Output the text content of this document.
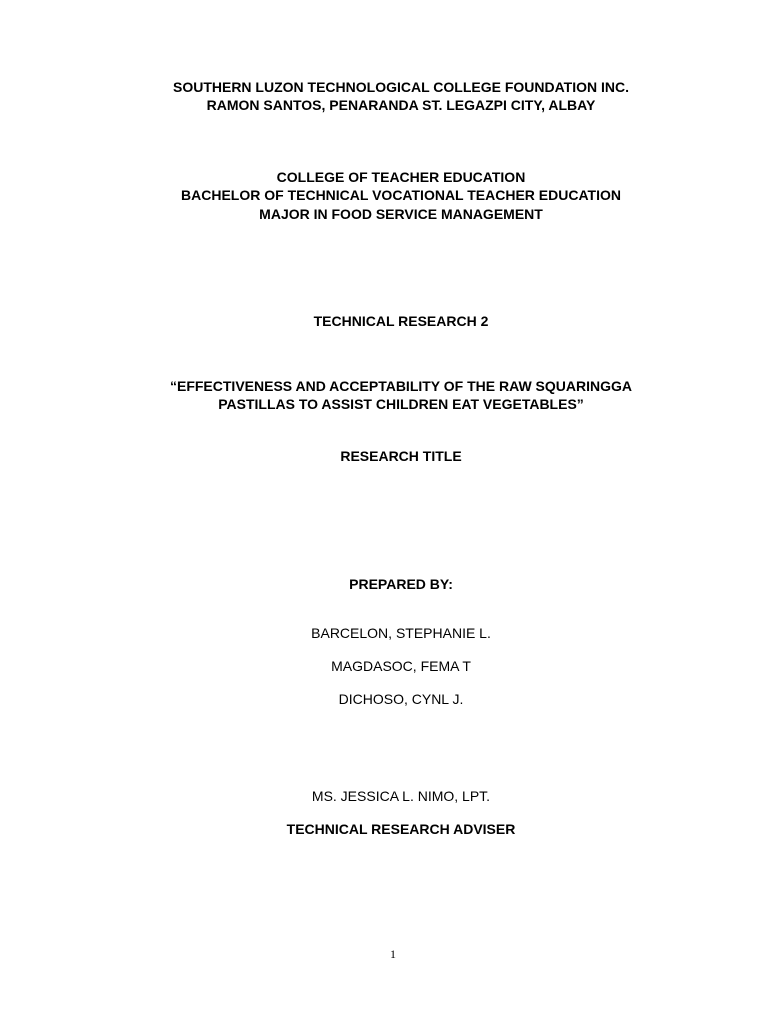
SOUTHERN LUZON TECHNOLOGICAL COLLEGE FOUNDATION INC.
RAMON SANTOS, PENARANDA ST. LEGAZPI CITY, ALBAY
COLLEGE OF TEACHER EDUCATION
BACHELOR OF TECHNICAL VOCATIONAL TEACHER EDUCATION
MAJOR IN FOOD SERVICE MANAGEMENT
TECHNICAL RESEARCH 2
“EFFECTIVENESS AND ACCEPTABILITY OF THE RAW SQUARINGGA
PASTILLAS TO ASSIST CHILDREN EAT VEGETABLES”
RESEARCH TITLE
PREPARED BY:
BARCELON, STEPHANIE L.
MAGDASOC, FEMA T
DICHOSO, CYNL J.
MS. JESSICA L. NIMO, LPT.
TECHNICAL RESEARCH ADVISER
1
